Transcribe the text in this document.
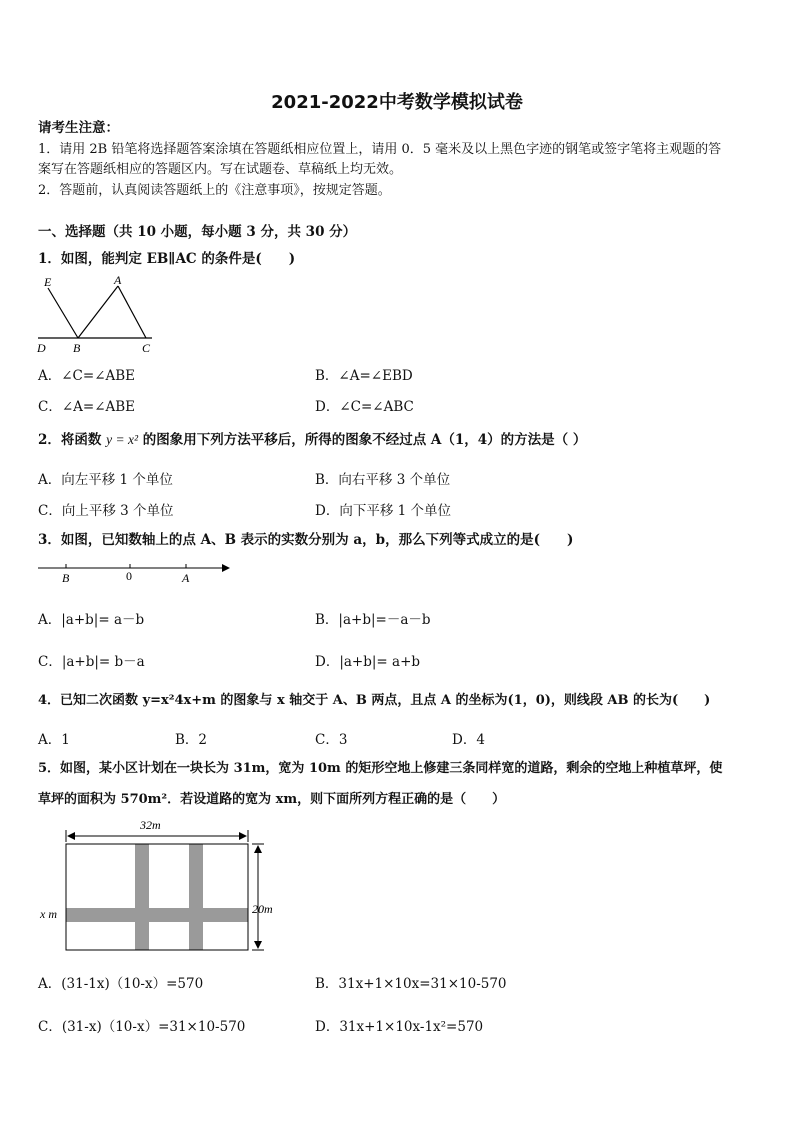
2021-2022中考数学模拟试卷
请考生注意：
1．请用 2B 铅笔将选择题答案涂填在答题纸相应位置上，请用 0．5 毫米及以上黑色字迹的钢笔或签字笔将主观题的答
案写在答题纸相应的答题区内。写在试题卷、草稿纸上均无效。
2．答题前，认真阅读答题纸上的《注意事项》，按规定答题。
一、选择题（共 10 小题，每小题 3 分，共 30 分）
1．如图，能判定 EB∥AC 的条件是(　　)
E	A
D B	C
A．∠C=∠ABE	B．∠A=∠EBD
C．∠A=∠ABE	D．∠C=∠ABC
2．将函数 y = x² 的图象用下列方法平移后，所得的图象不经过点 A（1，4）的方法是（ ）
A．向左平移 1 个单位	B．向右平移 3 个单位
C．向上平移 3 个单位	D．向下平移 1 个单位
3．如图，已知数轴上的点 A、B 表示的实数分别为 a，b，那么下列等式成立的是(　　)
B	0	A
A．|a+b|= a－b	B．|a+b|=－a－b
C．|a+b|= b－a	D．|a+b|= a+b
4．已知二次函数 y=x²4x+m 的图象与 x 轴交于 A、B 两点，且点 A 的坐标为(1，0)，则线段 AB 的长为(　　)
A．1	B．2	C．3	D．4
5．如图，某小区计划在一块长为 31m，宽为 10m 的矩形空地上修建三条同样宽的道路，剩余的空地上种植草坪，使
草坪的面积为 570m²．若设道路的宽为 xm，则下面所列方程正确的是（　　）
32m
20m
x m
A．(31-1x)（10-x）=570	B．31x+1×10x=31×10-570
C．(31-x)（10-x）=31×10-570	D．31x+1×10x-1x²=570
